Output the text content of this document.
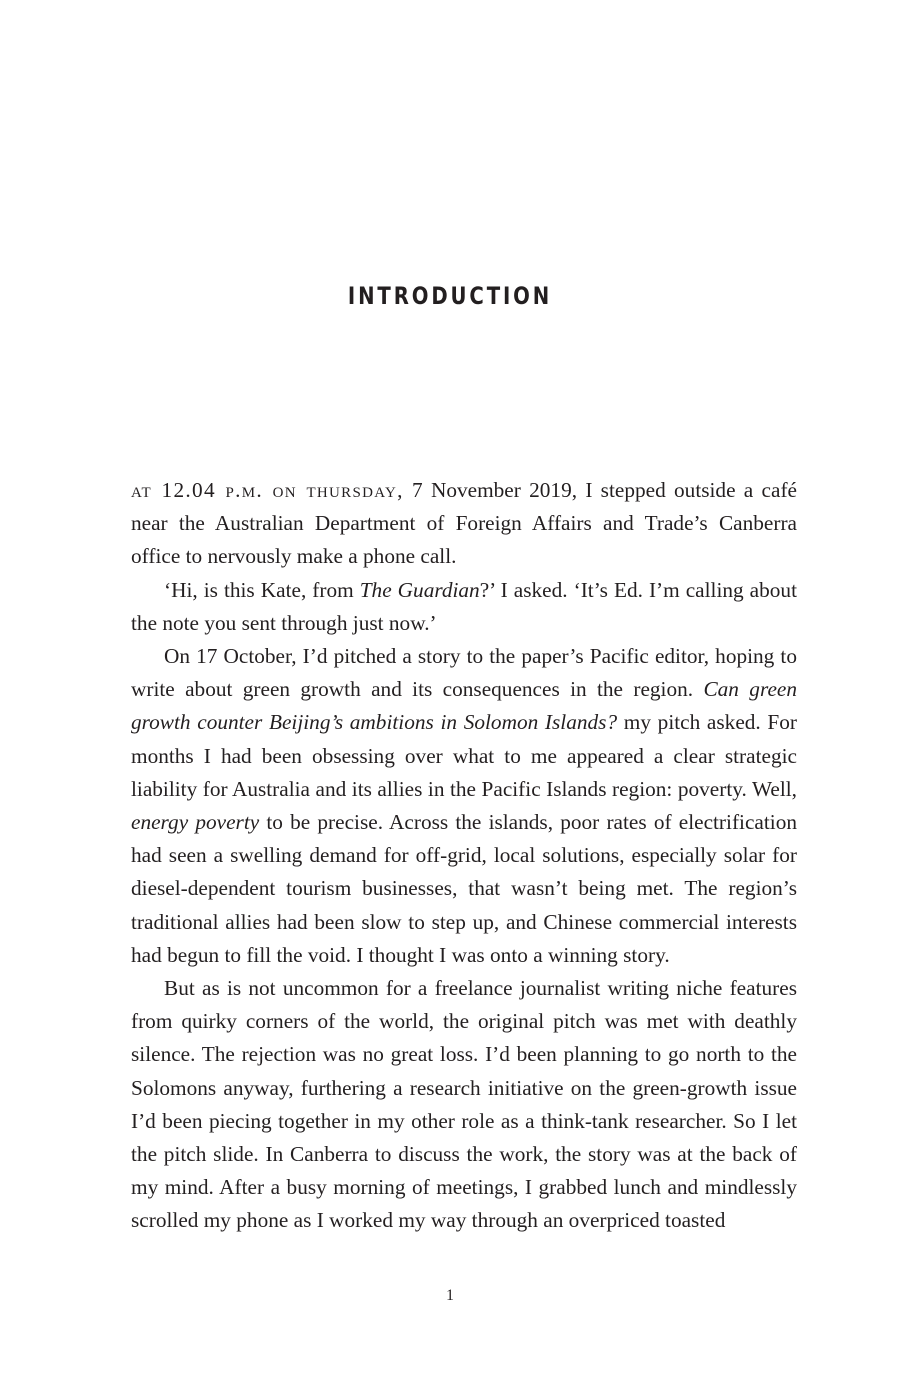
INTRODUCTION

at 12.04 p.m. on thursday, 7 November 2019, I stepped outside a café near the Australian Department of Foreign Affairs and Trade’s Canberra office to nervously make a phone call.

‘Hi, is this Kate, from The Guardian?’ I asked. ‘It’s Ed. I’m calling about the note you sent through just now.’

On 17 October, I’d pitched a story to the paper’s Pacific editor, hoping to write about green growth and its consequences in the region. Can green growth counter Beijing’s ambitions in Solomon Islands? my pitch asked. For months I had been obsessing over what to me appeared a clear strategic liability for Australia and its allies in the Pacific Islands region: poverty. Well, energy poverty to be precise. Across the islands, poor rates of electrification had seen a swelling demand for off-grid, local solutions, especially solar for diesel-dependent tourism businesses, that wasn’t being met. The region’s traditional allies had been slow to step up, and Chinese commercial interests had begun to fill the void. I thought I was onto a winning story.

But as is not uncommon for a freelance journalist writing niche features from quirky corners of the world, the original pitch was met with deathly silence. The rejection was no great loss. I’d been planning to go north to the Solomons anyway, furthering a research initiative on the green-growth issue I’d been piecing together in my other role as a think-tank researcher. So I let the pitch slide. In Canberra to discuss the work, the story was at the back of my mind. After a busy morning of meetings, I grabbed lunch and mindlessly scrolled my phone as I worked my way through an overpriced toasted

1
